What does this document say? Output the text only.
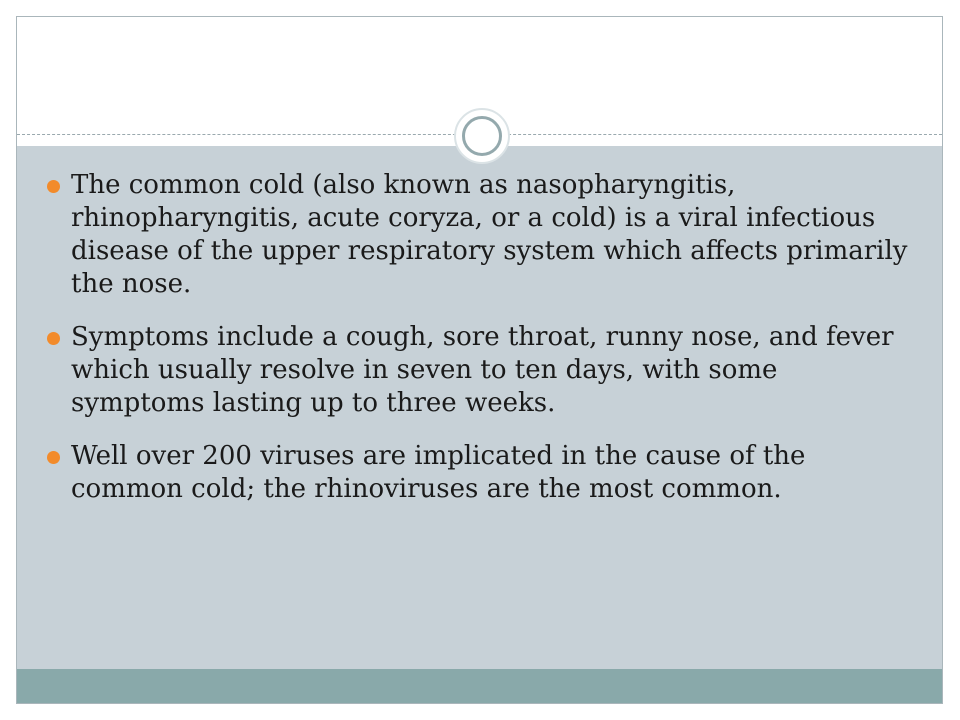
The common cold (also known as nasopharyngitis, rhinopharyngitis, acute coryza, or a cold) is a viral infectious disease of the upper respiratory system which affects primarily the nose.
Symptoms include a cough, sore throat, runny nose, and fever which usually resolve in seven to ten days, with some symptoms lasting up to three weeks.
Well over 200 viruses are implicated in the cause of the common cold; the rhinoviruses are the most common.
